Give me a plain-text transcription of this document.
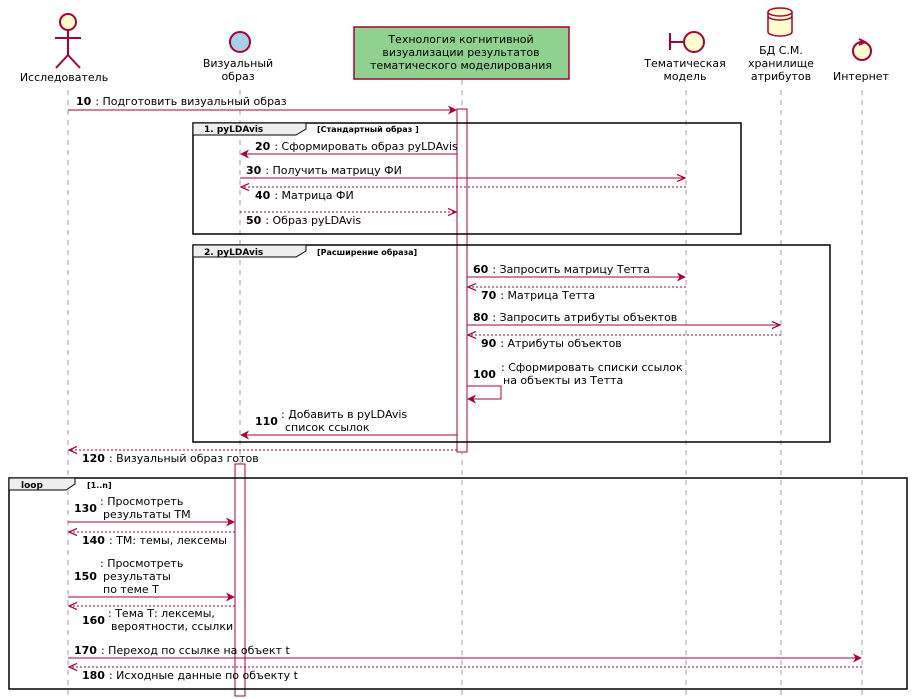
Исследователь
Визуальный
образ
Технология когнитивной
визуализации результатов
тематического моделирования	Тематическая
модель
БД С.М.
хранилище
атрибутов Интернет
1. pyLDAvis	[Стандартный образ ]
2. pyLDAvis	[Расширение образа]
loop	[1..n]
10 : Подготовить визуальный образ
20 : Сформировать образ pyLDAvis
30 : Получить матрицу ФИ
40 : Матрица ФИ
50 : Образ pyLDAvis
60 : Запросить матрицу Тетта
70 : Матрица Тетта
80 : Запросить атрибуты объектов
90 : Атрибуты объектов
100
: Сформировать списки ссылок
на объекты из Тетта
110
: Добавить в pyLDAvis
список ссылок
120 : Визуальный образ готов
130
: Просмотреть
результаты ТМ
140 : ТМ: темы, лексемы
150
: Просмотреть
результаты
по теме Т
160
: Тема Т: лексемы,
вероятности, ссылки
170 : Переход по ссылке на объект t
180 : Исходные данные по объекту t
